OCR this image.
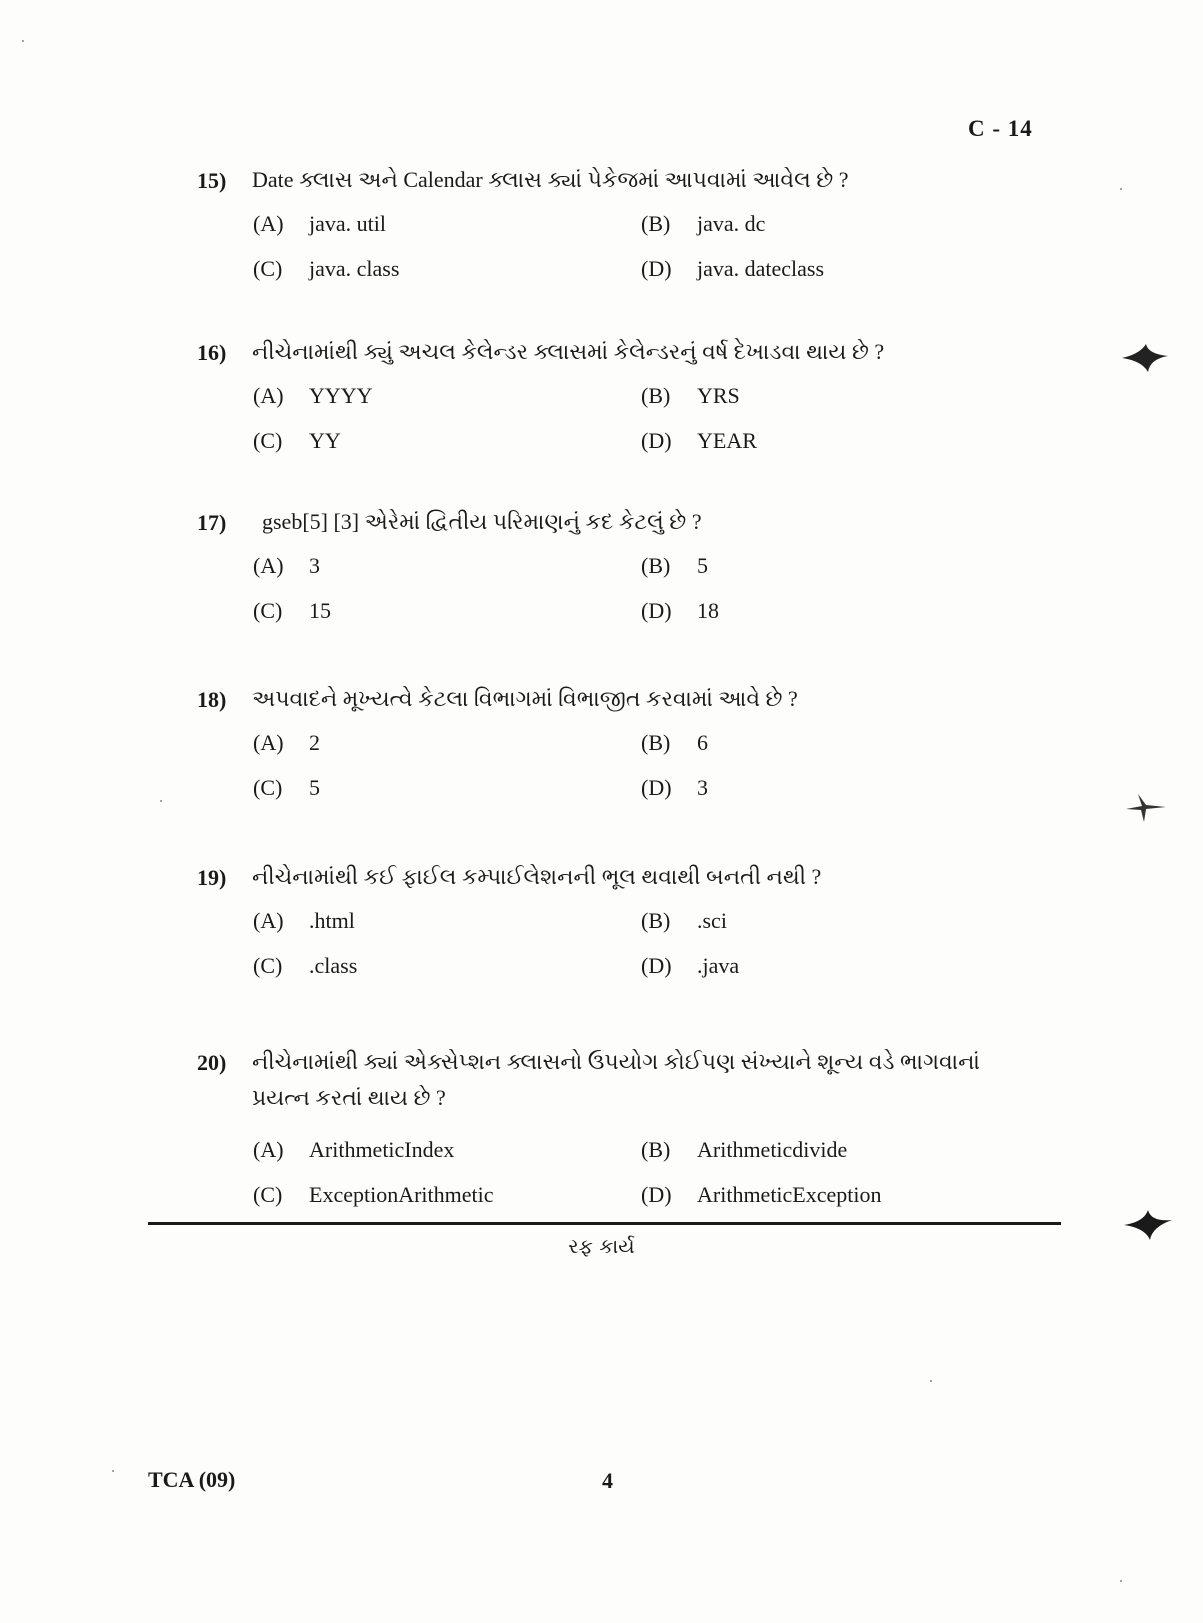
C - 14
15) Date ક્લાસ અને Calendar ક્લાસ ક્યાં પેકેજમાં આપવામાં આવેલ છે ?
(A) java. util	(B) java. dc
(C) java. class	(D) java. dateclass
16) નીચેનામાંથી ક્યું અચલ કેલેન્ડર ક્લાસમાં કેલેન્ડરનું વર્ષ દેખાડવા થાય છે ?
(A) YYYY	(B) YRS
(C) YY	(D) YEAR
17) gseb[5] [3] એરેમાં દ્વિતીય પરિમાણનું કદ કેટલું છે ?
(A) 3	(B) 5
(C) 15	(D) 18
18) અપવાદને મૂખ્યત્વે કેટલા વિભાગમાં વિભાજીત કરવામાં આવે છે ?
(A) 2	(B) 6
(C) 5	(D) 3
19) નીચેનામાંથી કઈ ફાઈલ કમ્પાઈલેશનની ભૂલ થવાથી બનતી નથી ?
(A) .html	(B) .sci
(C) .class	(D) .java
20) નીચેનામાંથી ક્યાં એક્સેપ્શન ક્લાસનો ઉપયોગ કોઈપણ સંખ્યાને શૂન્ય વડે ભાગવાનાં પ્રયત્ન કરતાં થાય છે ?
(A) ArithmeticIndex	(B) Arithmeticdivide
(C) ExceptionArithmetic	(D) ArithmeticException
રફ કાર્ય
TCA (09)	4
